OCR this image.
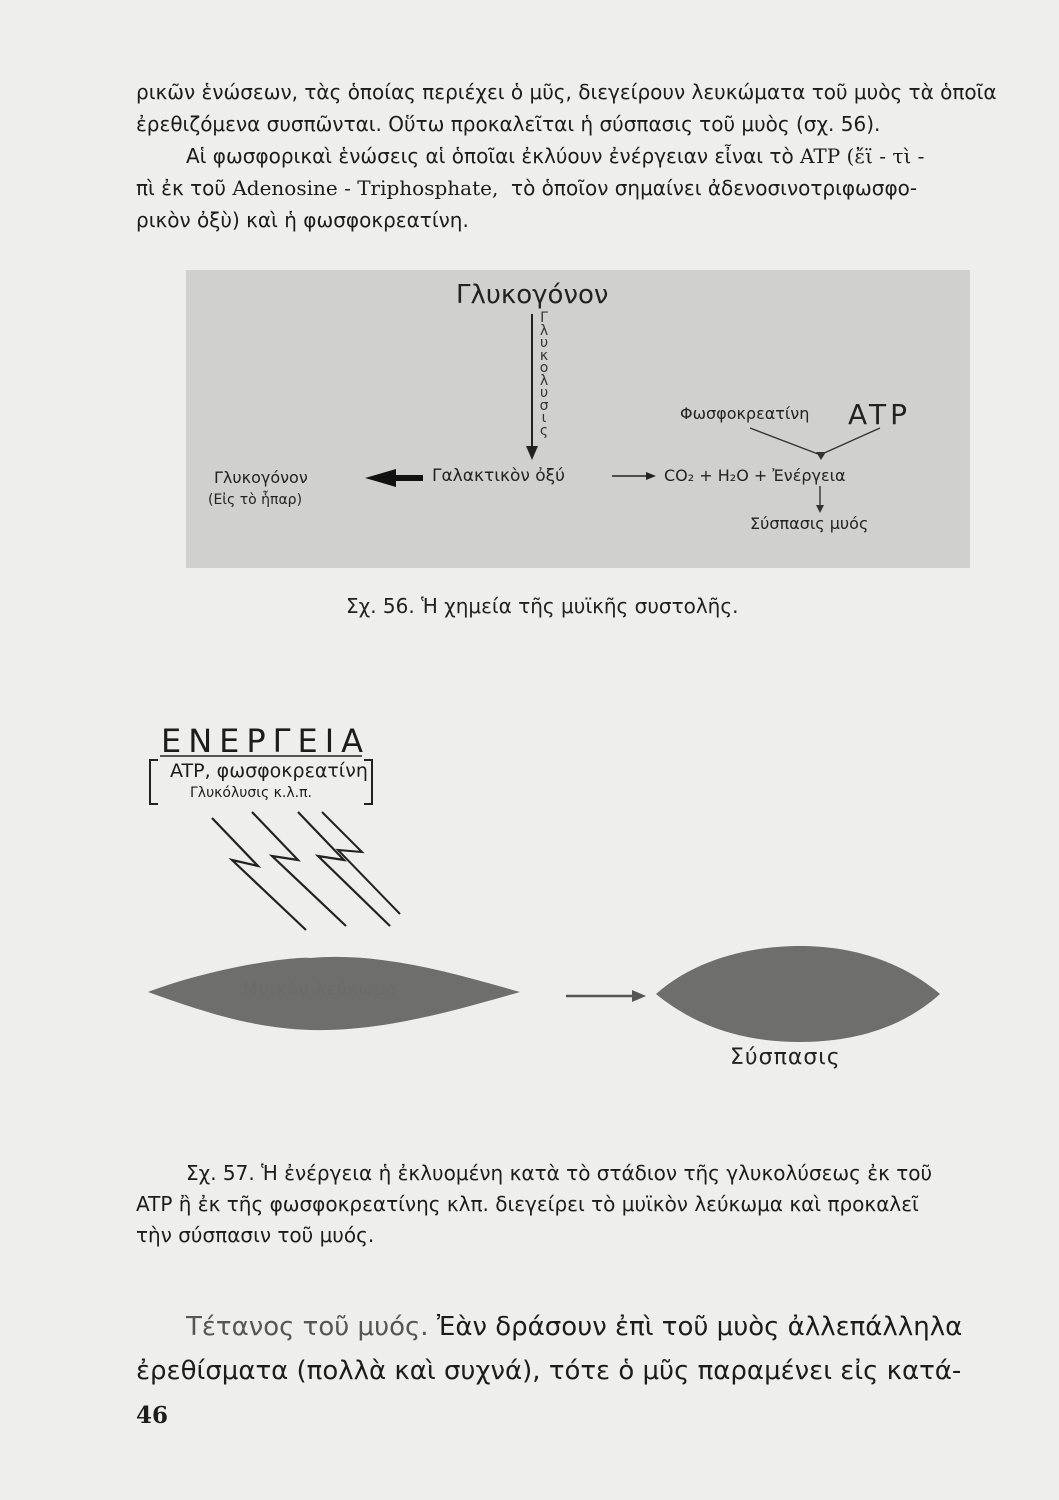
ρικῶν ἑνώσεων, τὰς ὁποίας περιέχει ὁ μῦς, διεγείρουν λευκώματα τοῦ μυὸς τὰ ὁποῖα

ἐρεθιζόμενα συσπῶνται. Οὕτω προκαλεῖται ἡ σύσπασις τοῦ μυὸς (σχ. 56).

Αἱ φωσφορικαὶ ἑνώσεις αἱ ὁποῖαι ἐκλύουν ἐνέργειαν εἶναι τὸ ATP (ἔϊ - τὶ -

πὶ ἐκ τοῦ Adenosine - Triphosphate, τὸ ὁποῖον σημαίνει ἀδενοσινοτριφωσφο-

ρικὸν ὀξὺ) καὶ ἡ φωσφοκρεατίνη.

Γλυκογόνον
Γ
λ
υ
κ
ο
λ
υ
σ
ι
ς
Φωσφοκρεατίνη ATP
Γλυκογόνον
(Εἰς τὸ ἧπαρ)
Γαλακτικὸν ὀξύ	CO₂ + H₂O + Ἐνέργεια
Σύσπασις μυός
Σχ. 56. Ἡ χημεία τῆς μυϊκῆς συστολῆς.
ΕΝΕΡΓΕΙΑ
ATP, φωσφοκρεατίνη
Γλυκόλυσις κ.λ.π.
Μυϊκὸν λεύκωμα
Σύσπασις

Σχ. 57. Ἡ ἐνέργεια ἡ ἐκλυομένη κατὰ τὸ στάδιον τῆς γλυκολύσεως ἐκ τοῦ

ATP ἢ ἐκ τῆς φωσφοκρεατίνης κλπ. διεγείρει τὸ μυϊκὸν λεύκωμα καὶ προκαλεῖ

τὴν σύσπασιν τοῦ μυός.

Τέτανος τοῦ μυός. Ἐὰν δράσουν ἐπὶ τοῦ μυὸς ἀλλεπάλληλα
ἐρεθίσματα (πολλὰ καὶ συχνά), τότε ὁ μῦς παραμένει εἰς κατά-
46
